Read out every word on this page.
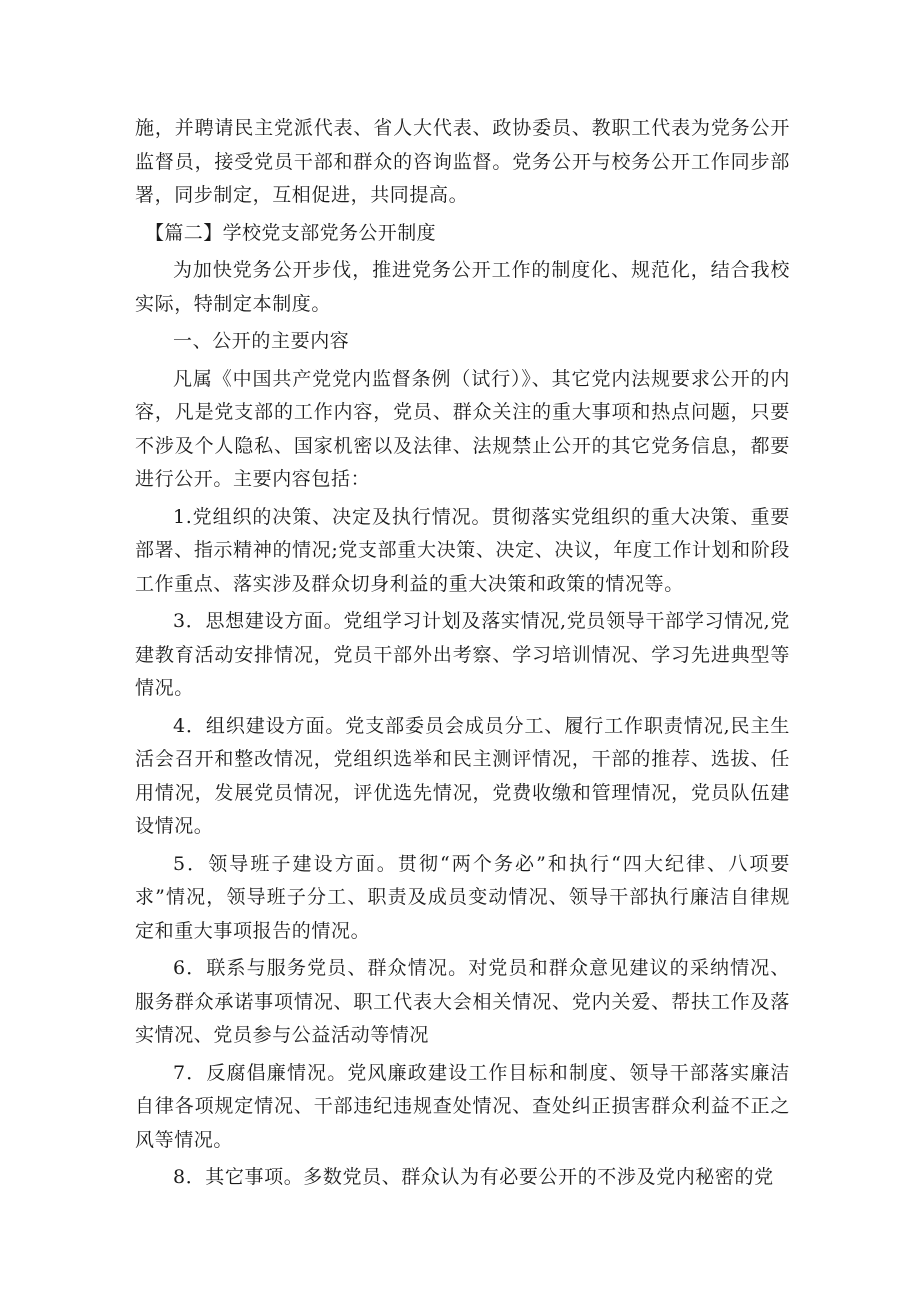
施，并聘请民主党派代表、省人大代表、政协委员、教职工代表为党务公开监督员，接受党员干部和群众的咨询监督。党务公开与校务公开工作同步部署，同步制定，互相促进，共同提高。

【篇二】学校党支部党务公开制度

为加快党务公开步伐，推进党务公开工作的制度化、规范化，结合我校实际，特制定本制度。

一、公开的主要内容

凡属《中国共产党党内监督条例（试行）》、其它党内法规要求公开的内容，凡是党支部的工作内容，党员、群众关注的重大事项和热点问题，只要不涉及个人隐私、国家机密以及法律、法规禁止公开的其它党务信息，都要进行公开。主要内容包括：

1.党组织的决策、决定及执行情况。贯彻落实党组织的重大决策、重要部署、指示精神的情况;党支部重大决策、决定、决议，年度工作计划和阶段工作重点、落实涉及群众切身利益的重大决策和政策的情况等。

3．思想建设方面。党组学习计划及落实情况,党员领导干部学习情况,党建教育活动安排情况，党员干部外出考察、学习培训情况、学习先进典型等情况。

4．组织建设方面。党支部委员会成员分工、履行工作职责情况,民主生活会召开和整改情况，党组织选举和民主测评情况，干部的推荐、选拔、任用情况，发展党员情况，评优选先情况，党费收缴和管理情况，党员队伍建设情况。

5．领导班子建设方面。贯彻“两个务必”和执行“四大纪律、八项要求”情况，领导班子分工、职责及成员变动情况、领导干部执行廉洁自律规定和重大事项报告的情况。

6．联系与服务党员、群众情况。对党员和群众意见建议的采纳情况、服务群众承诺事项情况、职工代表大会相关情况、党内关爱、帮扶工作及落实情况、党员参与公益活动等情况

7．反腐倡廉情况。党风廉政建设工作目标和制度、领导干部落实廉洁自律各项规定情况、干部违纪违规查处情况、查处纠正损害群众利益不正之风等情况。

8．其它事项。多数党员、群众认为有必要公开的不涉及党内秘密的党
